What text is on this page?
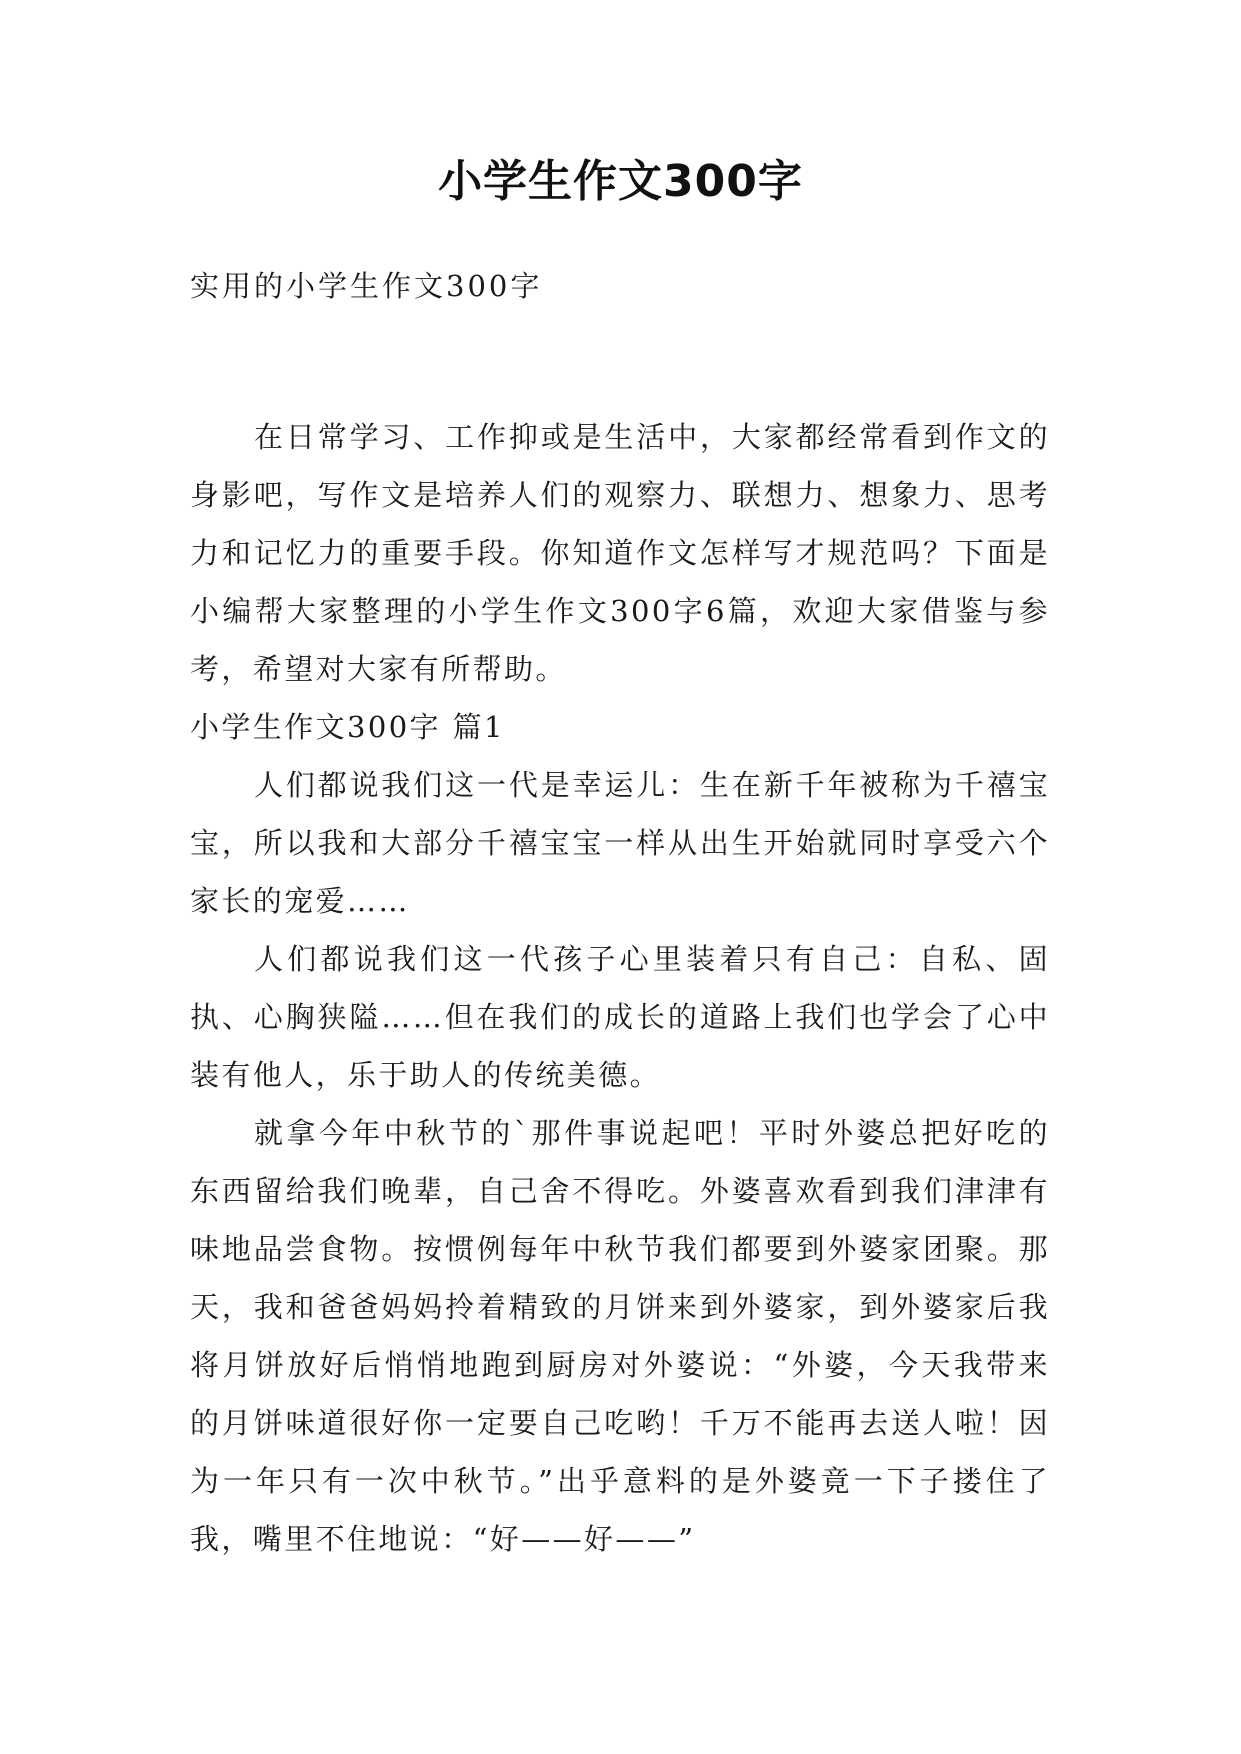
小学生作文300字
实用的小学生作文300字

在日常学习、工作抑或是生活中，大家都经常看到作文的身影吧，写作文是培养人们的观察力、联想力、想象力、思考力和记忆力的重要手段。你知道作文怎样写才规范吗？下面是小编帮大家整理的小学生作文300字6篇，欢迎大家借鉴与参考，希望对大家有所帮助。

小学生作文300字 篇1

人们都说我们这一代是幸运儿：生在新千年被称为千禧宝宝，所以我和大部分千禧宝宝一样从出生开始就同时享受六个家长的宠爱……

人们都说我们这一代孩子心里装着只有自己：自私、固执、心胸狭隘……但在我们的成长的道路上我们也学会了心中装有他人，乐于助人的传统美德。

就拿今年中秋节的`那件事说起吧！平时外婆总把好吃的东西留给我们晚辈，自己舍不得吃。外婆喜欢看到我们津津有味地品尝食物。按惯例每年中秋节我们都要到外婆家团聚。那天，我和爸爸妈妈拎着精致的月饼来到外婆家，到外婆家后我将月饼放好后悄悄地跑到厨房对外婆说：“外婆，今天我带来的月饼味道很好你一定要自己吃哟！千万不能再去送人啦！因为一年只有一次中秋节。”出乎意料的是外婆竟一下子搂住了我，嘴里不住地说：“好——好——”
